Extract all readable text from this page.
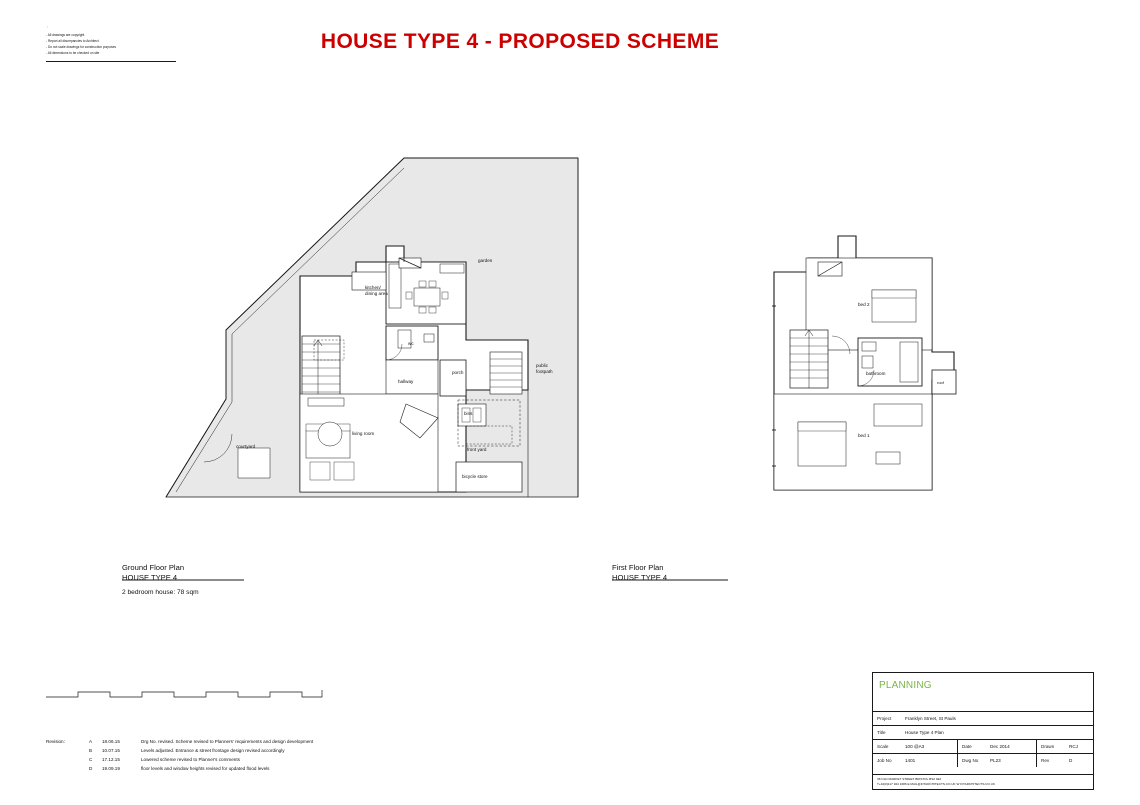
'
- All drawings are copyright
- Report all discrepancies to Architect
- Do not scale drawings for construction purposes
- All dimensions to be checked on site
HOUSE TYPE 4 - PROPOSED SCHEME
kitchen/
dining area
wc
hallway
porch
living room
bins
front yard
bicycle store
garden
courtyard
public
footpath
bed 2
bed 1
bathroom
roof
Ground Floor Plan
HOUSE TYPE 4
2 bedroom house: 78 sqm
First Floor Plan
HOUSE TYPE 4
Revision:	A	18.06.15	Drg No. revised. Scheme revised to Planners' requirements and design development
	B	10.07.15	Levels adjusted. Entrance & street frontage design revised accordingly
	C	17.12.15	Lowered scheme revised to Planner's comments
	D	19.09.19	floor levels and window heights revised for updated flood levels
PLANNING
Project	Franklyn Street, St Pauls
Title	House Type 4 Plan
Scale	100 @A3	Date	Dec 2014	Drawn	RCJ
Job No	1401	Dwg No	PL23	Rev	D
38 OLD MARKET STREET BRISTOL BS2 0EJ
T+44(0)117 944 1686 E MAIL@FITARCHITECTS.CO.UK W FITARCHITECTS.CO.UK
